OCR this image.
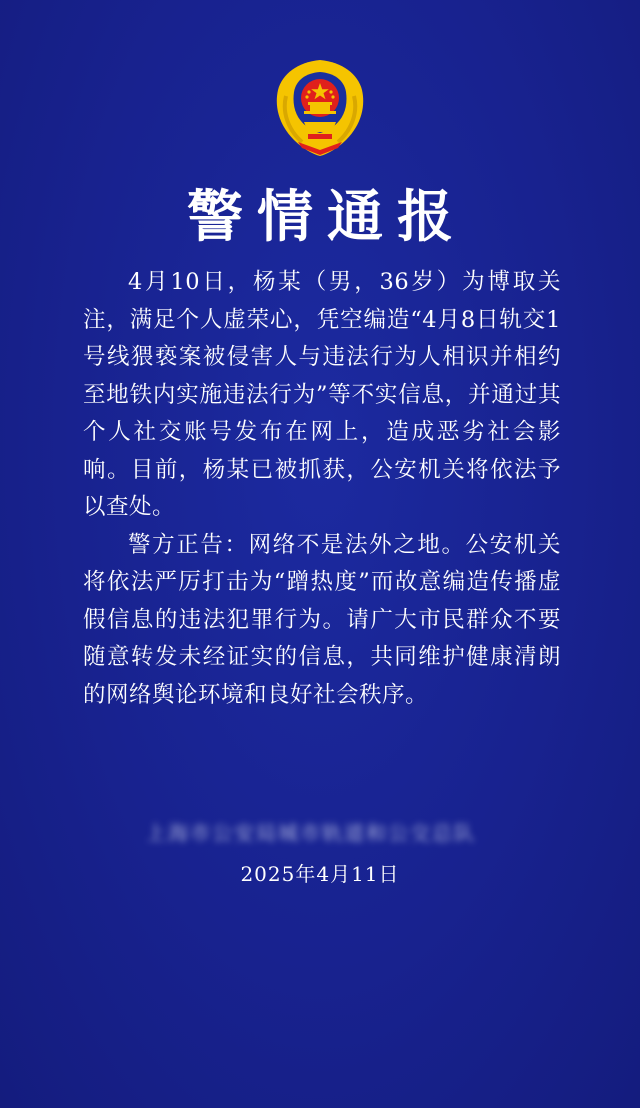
警情通报

4月10日，杨某（男，36岁）为博取关注，满足个人虚荣心，凭空编造“4月8日轨交1号线猥亵案被侵害人与违法行为人相识并相约至地铁内实施违法行为”等不实信息，并通过其个人社交账号发布在网上，造成恶劣社会影响。目前，杨某已被抓获，公安机关将依法予以查处。

警方正告：网络不是法外之地。公安机关将依法严厉打击为“蹭热度”而故意编造传播虚假信息的违法犯罪行为。请广大市民群众不要随意转发未经证实的信息，共同维护健康清朗的网络舆论环境和良好社会秩序。

上海市公安局城市轨道和公交总队
2025年4月11日
